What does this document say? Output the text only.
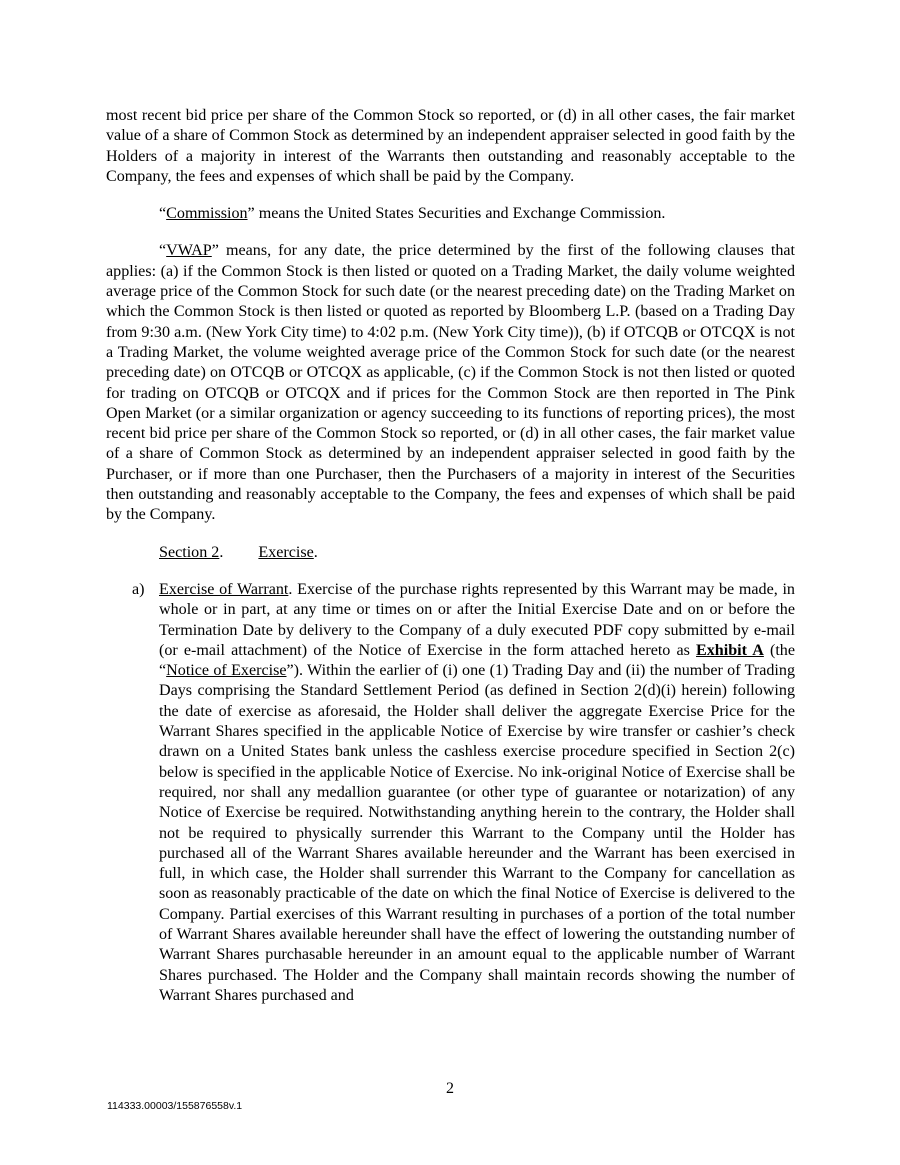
most recent bid price per share of the Common Stock so reported, or (d) in all other cases, the fair market value of a share of Common Stock as determined by an independent appraiser selected in good faith by the Holders of a majority in interest of the Warrants then outstanding and reasonably acceptable to the Company, the fees and expenses of which shall be paid by the Company.

“Commission” means the United States Securities and Exchange Commission.

“VWAP” means, for any date, the price determined by the first of the following clauses that applies: (a) if the Common Stock is then listed or quoted on a Trading Market, the daily volume weighted average price of the Common Stock for such date (or the nearest preceding date) on the Trading Market on which the Common Stock is then listed or quoted as reported by Bloomberg L.P. (based on a Trading Day from 9:30 a.m. (New York City time) to 4:02 p.m. (New York City time)), (b) if OTCQB or OTCQX is not a Trading Market, the volume weighted average price of the Common Stock for such date (or the nearest preceding date) on OTCQB or OTCQX as applicable, (c) if the Common Stock is not then listed or quoted for trading on OTCQB or OTCQX and if prices for the Common Stock are then reported in The Pink Open Market (or a similar organization or agency succeeding to its functions of reporting prices), the most recent bid price per share of the Common Stock so reported, or (d) in all other cases, the fair market value of a share of Common Stock as determined by an independent appraiser selected in good faith by the Purchaser, or if more than one Purchaser, then the Purchasers of a majority in interest of the Securities then outstanding and reasonably acceptable to the Company, the fees and expenses of which shall be paid by the Company.

Section 2. Exercise.
a) Exercise of Warrant. Exercise of the purchase rights represented by this Warrant may be made, in whole or in part, at any time or times on or after the Initial Exercise Date and on or before the Termination Date by delivery to the Company of a duly executed PDF copy submitted by e-mail (or e-mail attachment) of the Notice of Exercise in the form attached hereto as Exhibit A (the “Notice of Exercise”). Within the earlier of (i) one (1) Trading Day and (ii) the number of Trading Days comprising the Standard Settlement Period (as defined in Section 2(d)(i) herein) following the date of exercise as aforesaid, the Holder shall deliver the aggregate Exercise Price for the Warrant Shares specified in the applicable Notice of Exercise by wire transfer or cashier’s check drawn on a United States bank unless the cashless exercise procedure specified in Section 2(c) below is specified in the applicable Notice of Exercise. No ink-original Notice of Exercise shall be required, nor shall any medallion guarantee (or other type of guarantee or notarization) of any Notice of Exercise be required. Notwithstanding anything herein to the contrary, the Holder shall not be required to physically surrender this Warrant to the Company until the Holder has purchased all of the Warrant Shares available hereunder and the Warrant has been exercised in full, in which case, the Holder shall surrender this Warrant to the Company for cancellation as soon as reasonably practicable of the date on which the final Notice of Exercise is delivered to the Company. Partial exercises of this Warrant resulting in purchases of a portion of the total number of Warrant Shares available hereunder shall have the effect of lowering the outstanding number of Warrant Shares purchasable hereunder in an amount equal to the applicable number of Warrant Shares purchased. The Holder and the Company shall maintain records showing the number of Warrant Shares purchased and

2
114333.00003/155876558v.1
